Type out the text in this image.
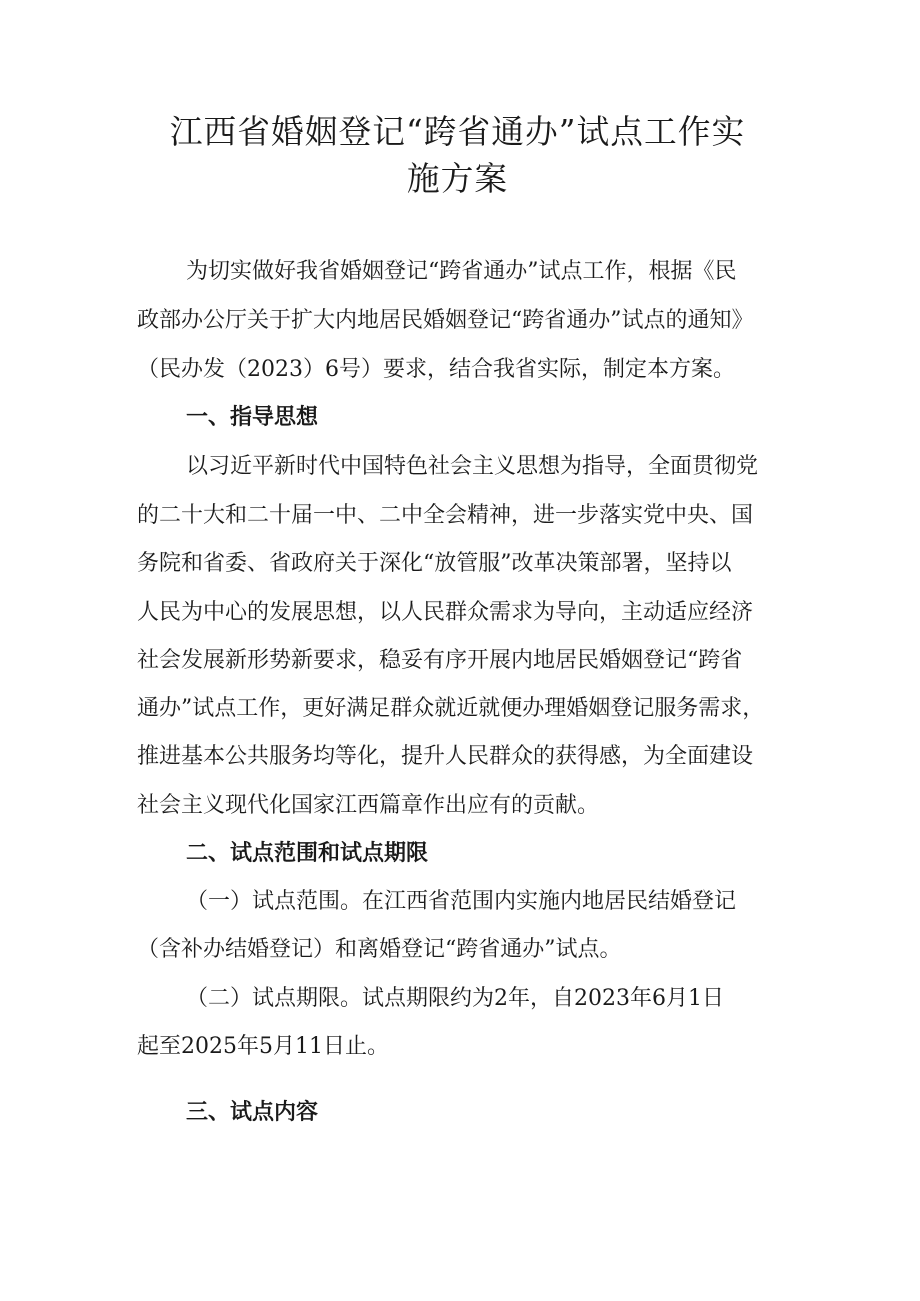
江西省婚姻登记“跨省通办”试点工作实
施方案

为切实做好我省婚姻登记“跨省通办”试点工作，根据《民

政部办公厅关于扩大内地居民婚姻登记“跨省通办”试点的通知》

（民办发（2023）6号）要求，结合我省实际，制定本方案。

一、指导思想

以习近平新时代中国特色社会主义思想为指导，全面贯彻党

的二十大和二十届一中、二中全会精神，进一步落实党中央、国

务院和省委、省政府关于深化“放管服”改革决策部署，坚持以

人民为中心的发展思想，以人民群众需求为导向，主动适应经济

社会发展新形势新要求，稳妥有序开展内地居民婚姻登记“跨省

通办”试点工作，更好满足群众就近就便办理婚姻登记服务需求，

推进基本公共服务均等化，提升人民群众的获得感，为全面建设

社会主义现代化国家江西篇章作出应有的贡献。

二、试点范围和试点期限

（一）试点范围。在江西省范围内实施内地居民结婚登记

（含补办结婚登记）和离婚登记“跨省通办”试点。

（二）试点期限。试点期限约为2年，自2023年6月1日

起至2025年5月11日止。

三、试点内容
